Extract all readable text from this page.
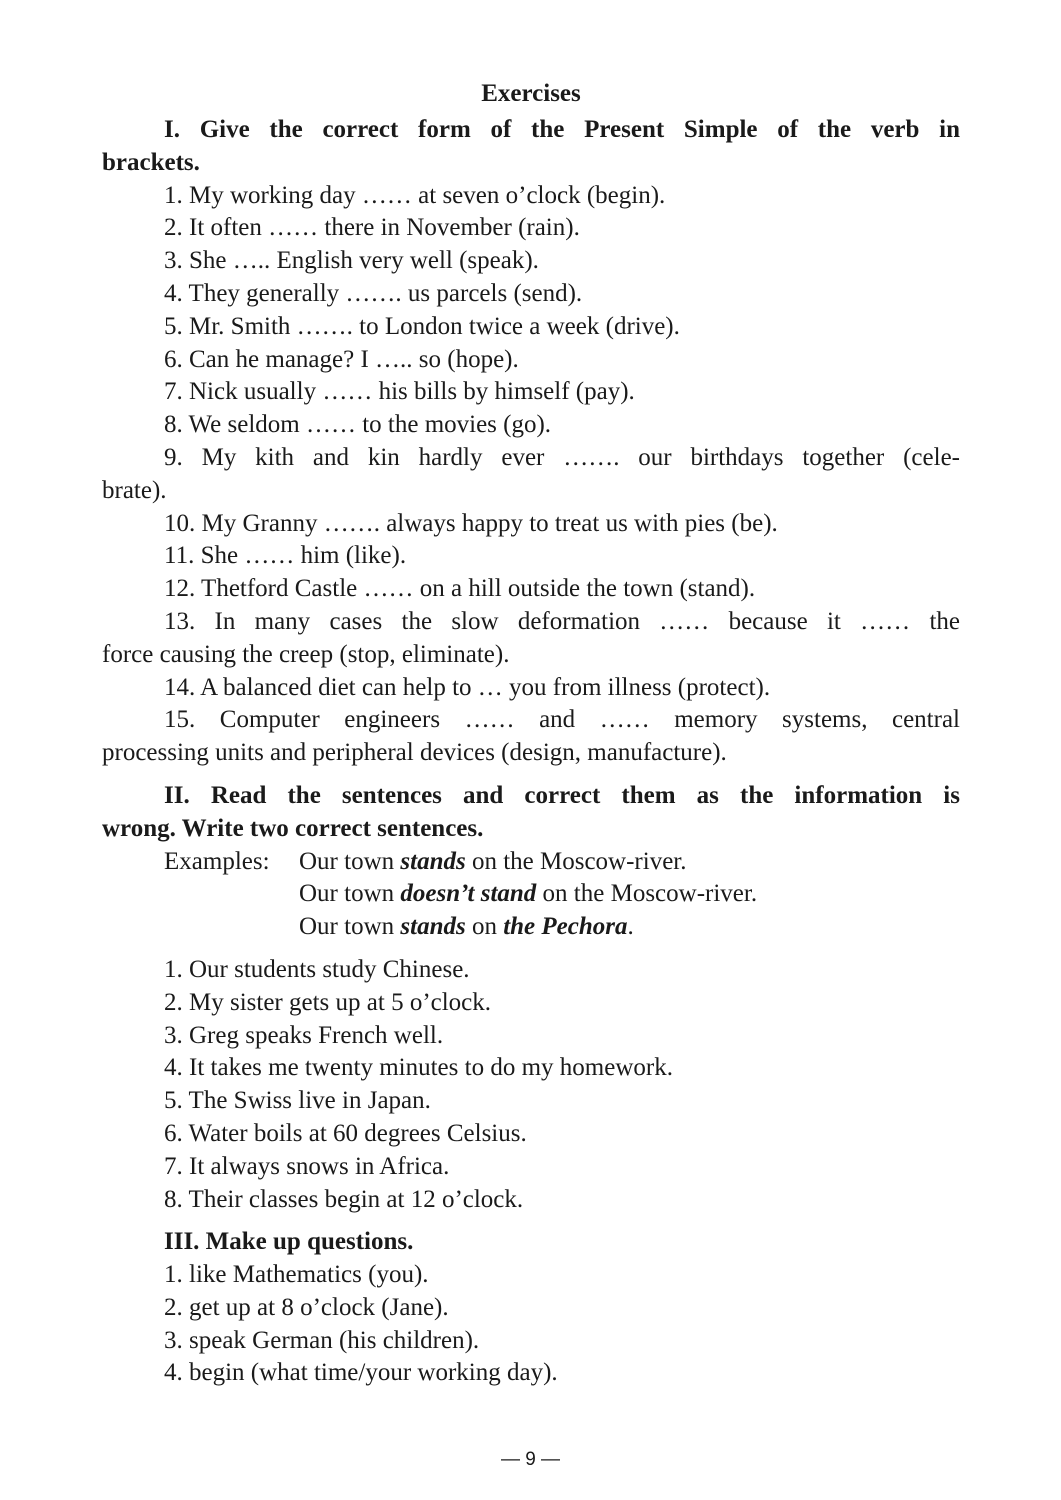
Exercises
I. Give the correct form of the Present Simple of the verb in
brackets.
1. My working day …… at seven o’clock (begin).
2. It often …… there in November (rain).
3. She ….. English very well (speak).
4. They generally ……. us parcels (send).
5. Mr. Smith ……. to London twice a week (drive).
6. Can he manage? I ….. so (hope).
7. Nick usually …… his bills by himself (pay).
8. We seldom …… to the movies (go).
9. My kith and kin hardly ever ……. our birthdays together (cele-
brate).
10. My Granny ……. always happy to treat us with pies (be).
11. She …… him (like).
12. Thetford Castle …… on a hill outside the town (stand).
13. In many cases the slow deformation …… because it …… the
force causing the creep (stop, eliminate).
14. A balanced diet can help to … you from illness (protect).
15. Computer engineers …… and …… memory systems, central
processing units and peripheral devices (design, manufacture).
II. Read the sentences and correct them as the information is
wrong. Write two correct sentences.
Examples: Our town stands on the Moscow-river.
Our town doesn’t stand on the Moscow-river.
Our town stands on the Pechora.
1. Our students study Chinese.
2. My sister gets up at 5 o’clock.
3. Greg speaks French well.
4. It takes me twenty minutes to do my homework.
5. The Swiss live in Japan.
6. Water boils at 60 degrees Celsius.
7. It always snows in Africa.
8. Their classes begin at 12 o’clock.
III. Make up questions.
1. like Mathematics (you).
2. get up at 8 o’clock (Jane).
3. speak German (his children).
4. begin (what time/your working day).
— 9 —
